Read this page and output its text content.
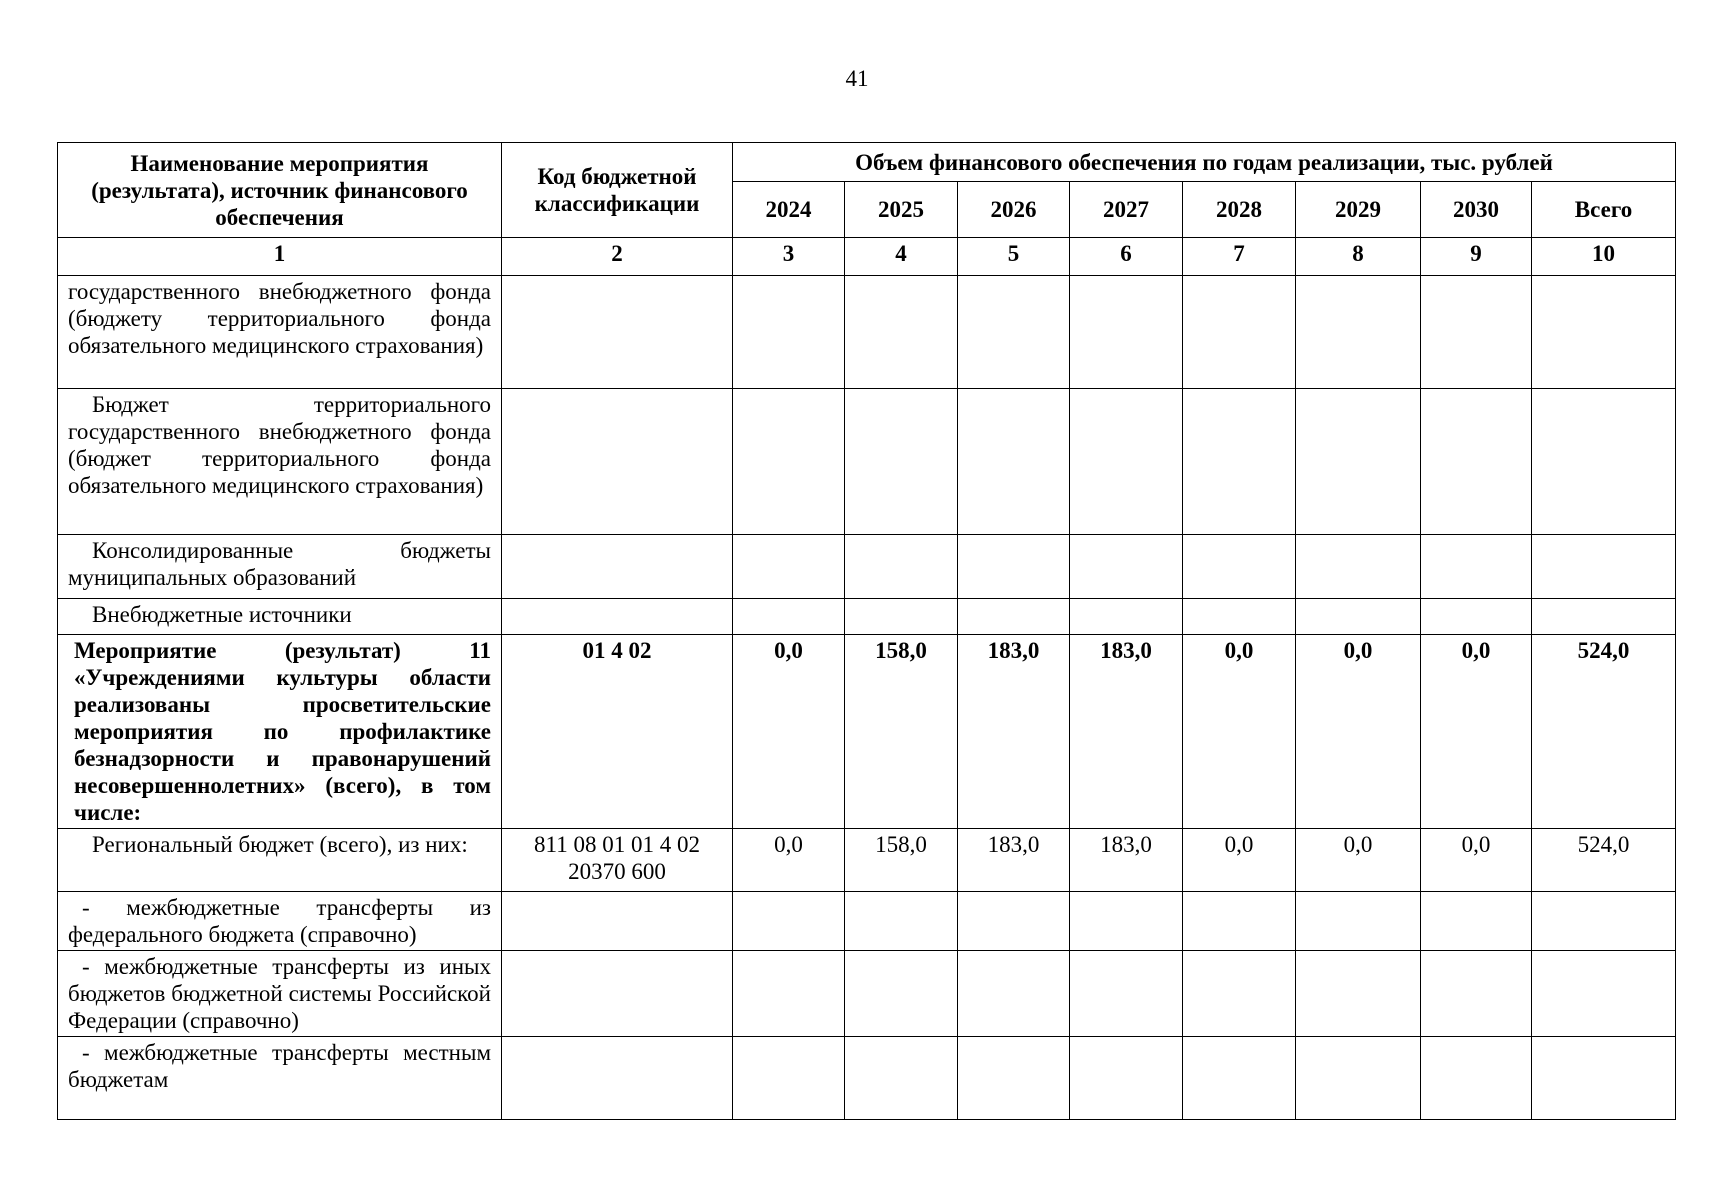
41
Наименование мероприятия (результата), источник финансового обеспечения	Код бюджетной классификации	Объем финансового обеспечения по годам реализации, тыс. рублей							
		2024	2025	2026	2027	2028	2029	2030	Всего
1	2	3	4	5	6	7	8	9	10
государственного внебюджетного фонда (бюджету территориального фонда обязательного медицинского страхования)									
Бюджет территориального государственного внебюджетного фонда (бюджет территориального фонда обязательного медицинского страхования)									
Консолидированные бюджеты муниципальных образований									
Внебюджетные источники									
Мероприятие (результат) 11 «Учреждениями культуры области реализованы просветительские мероприятия по профилактике безнадзорности и правонарушений несовершеннолетних» (всего), в том числе:	01 4 02	0,0	158,0	183,0	183,0	0,0	0,0	0,0	524,0
Региональный бюджет (всего), из них:	811 08 01 01 4 02 20370 600	0,0	158,0	183,0	183,0	0,0	0,0	0,0	524,0
- межбюджетные трансферты из федерального бюджета (справочно)									
- межбюджетные трансферты из иных бюджетов бюджетной системы Российской Федерации (справочно)									
- межбюджетные трансферты местным бюджетам									
